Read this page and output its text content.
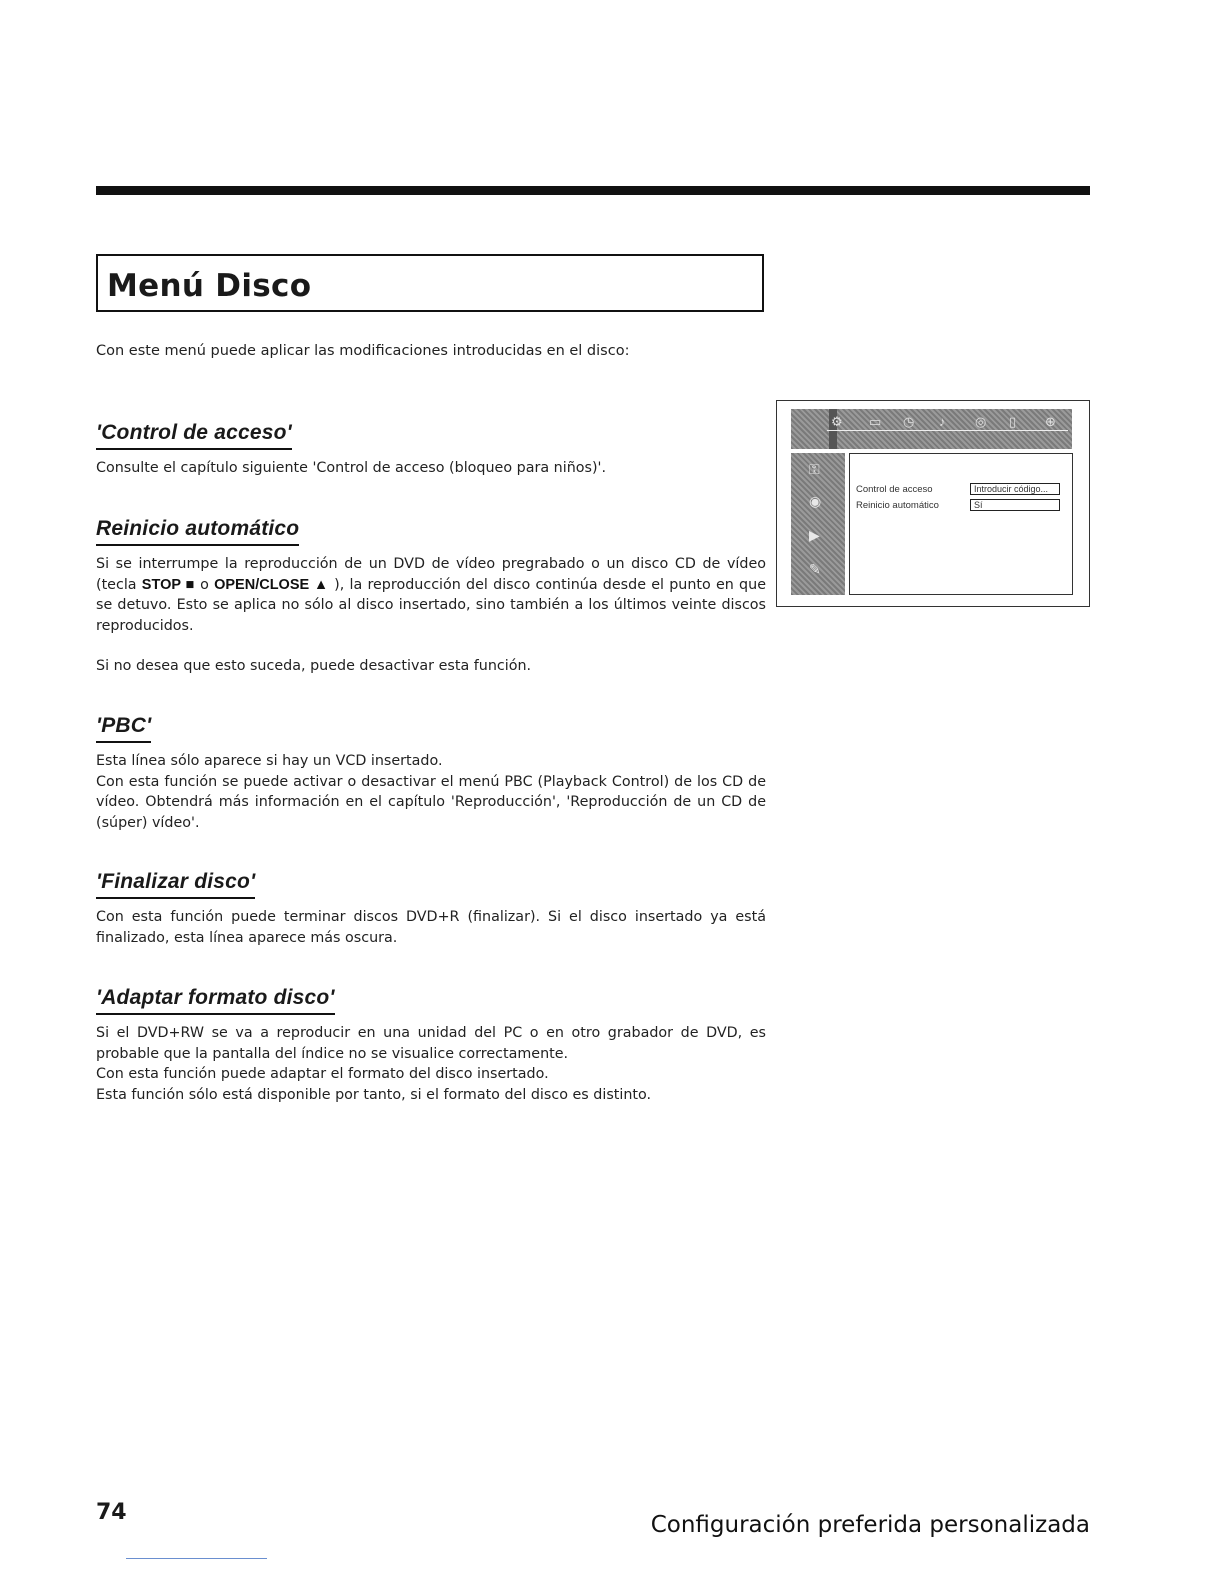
Menú Disco
Con este menú puede aplicar las modificaciones introducidas en el disco:
'Control de acceso'

Consulte el capítulo siguiente 'Control de acceso (bloqueo para niños)'.

Reinicio automático

Si se interrumpe la reproducción de un DVD de vídeo pregrabado o un disco CD de vídeo (tecla STOP ■ o OPEN/CLOSE ▲ ), la reproducción del disco continúa desde el punto en que se detuvo. Esto se aplica no sólo al disco insertado, sino también a los últimos veinte discos reproducidos.

Si no desea que esto suceda, puede desactivar esta función.

'PBC'

Esta línea sólo aparece si hay un VCD insertado.

Con esta función se puede activar o desactivar el menú PBC (Playback Control) de los CD de vídeo. Obtendrá más información en el capítulo 'Reproducción', 'Reproducción de un CD de (súper) vídeo'.

'Finalizar disco'

Con esta función puede terminar discos DVD+R (finalizar). Si el disco insertado ya está finalizado, esta línea aparece más oscura.

'Adaptar formato disco'

Si el DVD+RW se va a reproducir en una unidad del PC o en otro grabador de DVD, es probable que la pantalla del índice no se visualice correctamente.

Con esta función puede adaptar el formato del disco insertado.

Esta función sólo está disponible por tanto, si el formato del disco es distinto.

⚙ ▭ ◷ ♪ ◎ ▯ ⊕
⚿
◉
▶
✎
Control de acceso	Introducir código...
Reinicio automático	Sí
74	Configuración preferida personalizada
